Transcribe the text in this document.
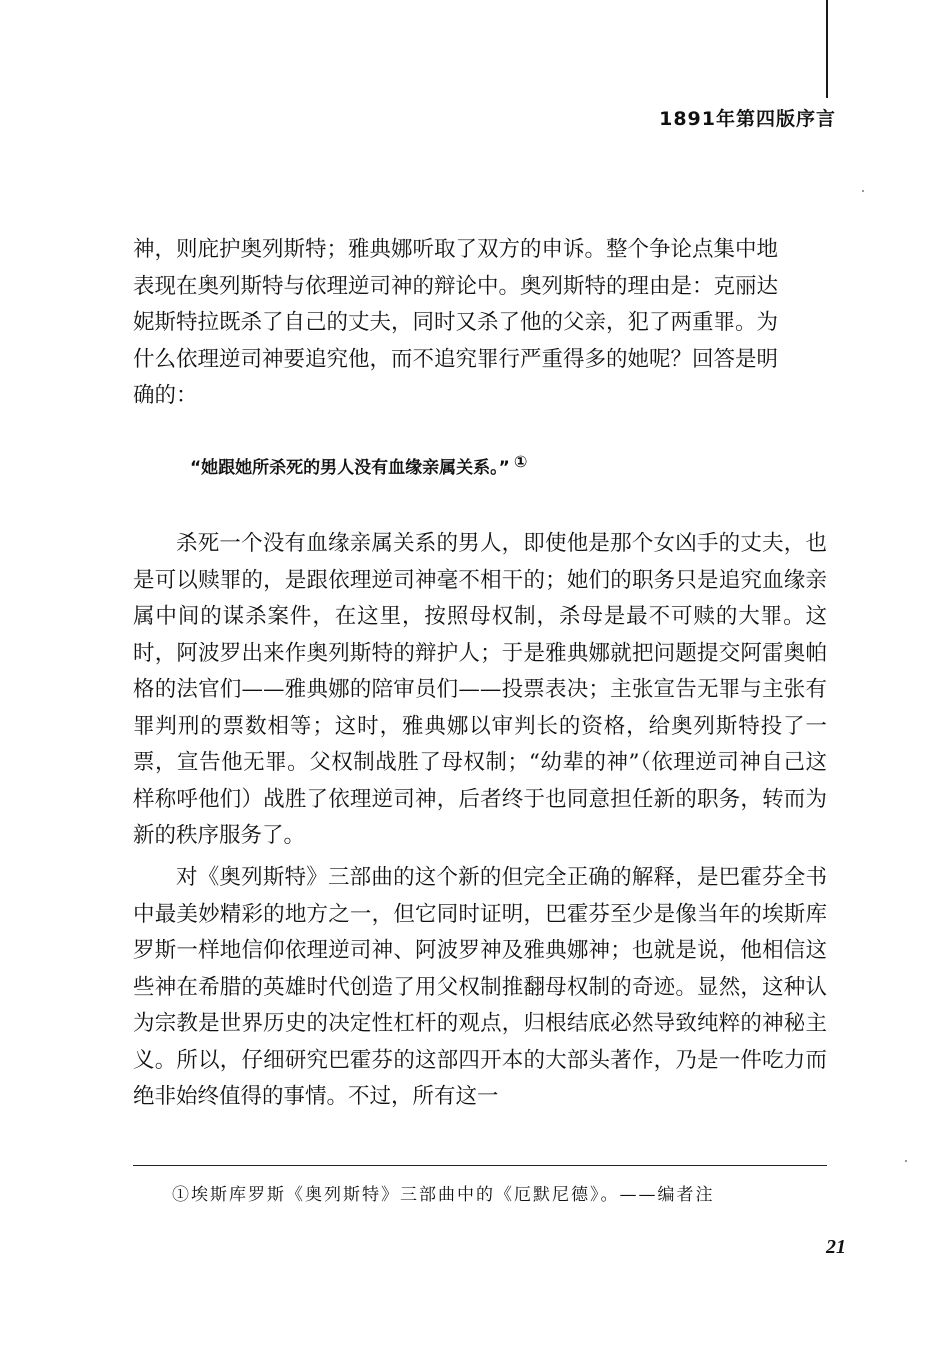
1891年第四版序言
神，则庇护奥列斯特；雅典娜听取了双方的申诉。整个争论点集中地
表现在奥列斯特与依理逆司神的辩论中。奥列斯特的理由是：克丽达
妮斯特拉既杀了自己的丈夫，同时又杀了他的父亲，犯了两重罪。为
什么依理逆司神要追究他，而不追究罪行严重得多的她呢？回答是明
确的：
“她跟她所杀死的男人没有血缘亲属关系。” ①
杀死一个没有血缘亲属关系的男人，即使他是那个女凶手的丈夫，也是可以赎罪的，是跟依理逆司神毫不相干的；她们的职务只是追究血缘亲属中间的谋杀案件，在这里，按照母权制，杀母是最不可赎的大罪。这时，阿波罗出来作奥列斯特的辩护人；于是雅典娜就把问题提交阿雷奥帕格的法官们——雅典娜的陪审员们——投票表决；主张宣告无罪与主张有罪判刑的票数相等；这时，雅典娜以审判长的资格，给奥列斯特投了一票，宣告他无罪。父权制战胜了母权制；“幼辈的神”（依理逆司神自己这样称呼他们）战胜了依理逆司神，后者终于也同意担任新的职务，转而为新的秩序服务了。
对《奥列斯特》三部曲的这个新的但完全正确的解释，是巴霍芬全书中最美妙精彩的地方之一，但它同时证明，巴霍芬至少是像当年的埃斯库罗斯一样地信仰依理逆司神、阿波罗神及雅典娜神；也就是说，他相信这些神在希腊的英雄时代创造了用父权制推翻母权制的奇迹。显然，这种认为宗教是世界历史的决定性杠杆的观点，归根结底必然导致纯粹的神秘主义。所以，仔细研究巴霍芬的这部四开本的大部头著作，乃是一件吃力而绝非始终值得的事情。不过，所有这一
①埃斯库罗斯《奥列斯特》三部曲中的《厄默尼德》。——编者注
21
